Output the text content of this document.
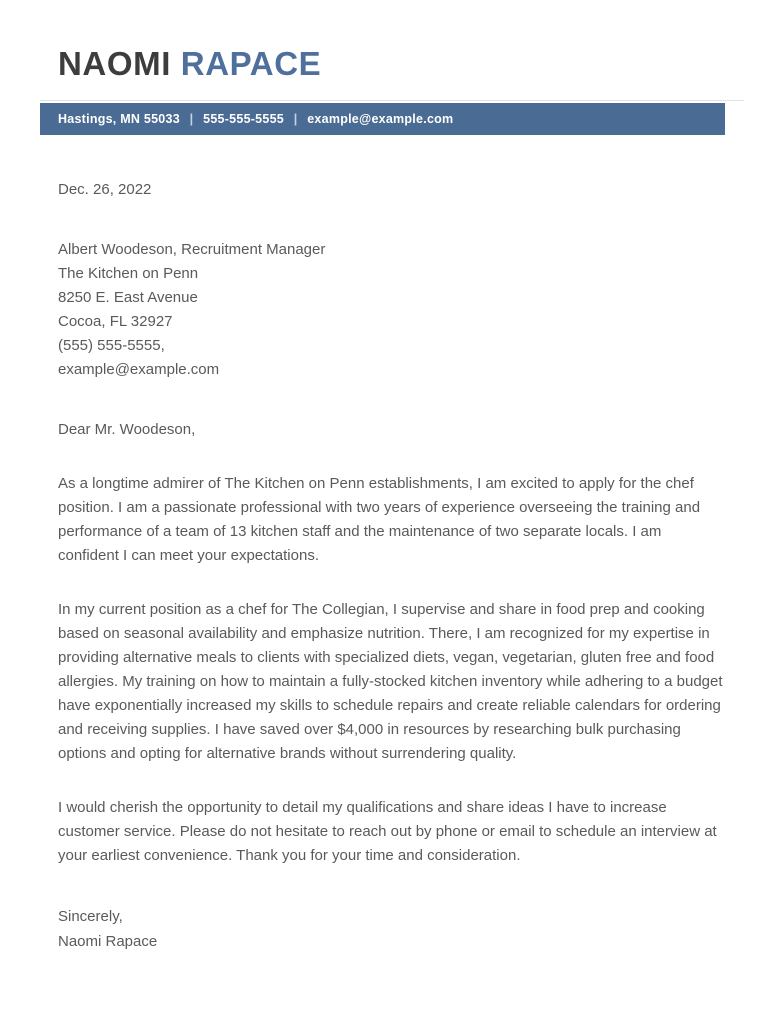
NAOMI RAPACE
Hastings, MN 55033 | 555-555-5555 | example@example.com
Dec. 26, 2022
Albert Woodeson, Recruitment Manager
The Kitchen on Penn
8250 E. East Avenue
Cocoa, FL 32927
(555) 555-5555,
example@example.com
Dear Mr. Woodeson,
As a longtime admirer of The Kitchen on Penn establishments, I am excited to apply for the chef position. I am a passionate professional with two years of experience overseeing the training and performance of a team of 13 kitchen staff and the maintenance of two separate locals. I am confident I can meet your expectations.
In my current position as a chef for The Collegian, I supervise and share in food prep and cooking based on seasonal availability and emphasize nutrition. There, I am recognized for my expertise in providing alternative meals to clients with specialized diets, vegan, vegetarian, gluten free and food allergies. My training on how to maintain a fully-stocked kitchen inventory while adhering to a budget have exponentially increased my skills to schedule repairs and create reliable calendars for ordering and receiving supplies. I have saved over $4,000 in resources by researching bulk purchasing options and opting for alternative brands without surrendering quality.
I would cherish the opportunity to detail my qualifications and share ideas I have to increase customer service. Please do not hesitate to reach out by phone or email to schedule an interview at your earliest convenience. Thank you for your time and consideration.
Sincerely,
Naomi Rapace
